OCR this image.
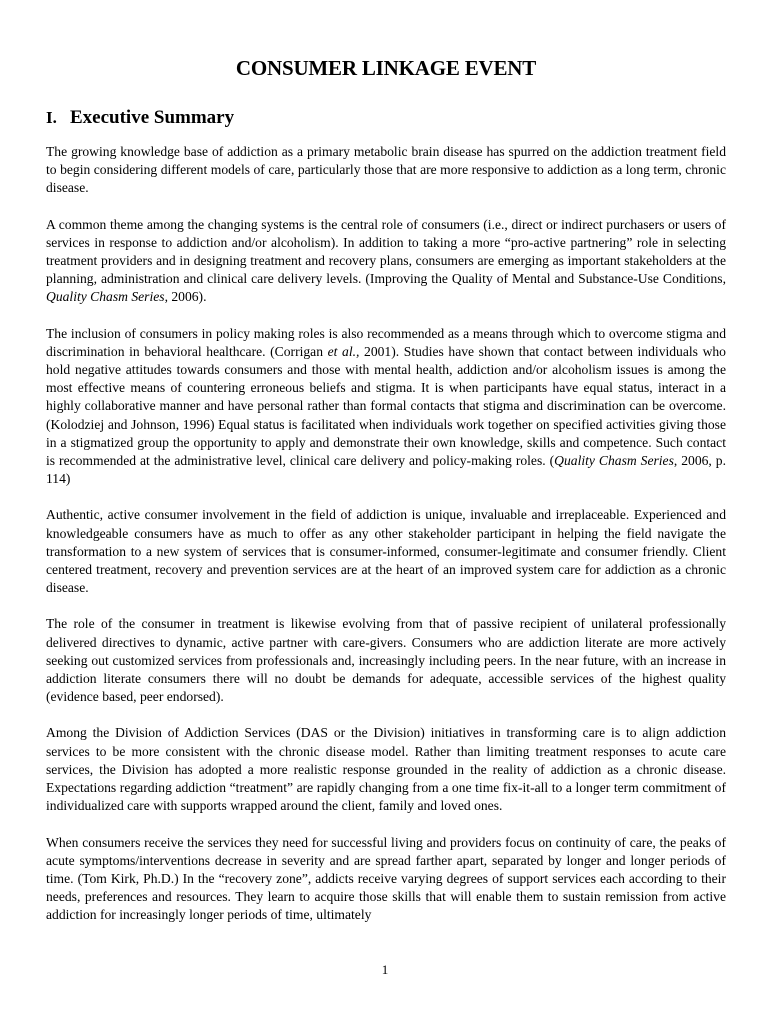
CONSUMER LINKAGE EVENT
I. Executive Summary

The growing knowledge base of addiction as a primary metabolic brain disease has spurred on the addiction treatment field to begin considering different models of care, particularly those that are more responsive to addiction as a long term, chronic disease.

A common theme among the changing systems is the central role of consumers (i.e., direct or indirect purchasers or users of services in response to addiction and/or alcoholism). In addition to taking a more “pro-active partnering” role in selecting treatment providers and in designing treatment and recovery plans, consumers are emerging as important stakeholders at the planning, administration and clinical care delivery levels. (Improving the Quality of Mental and Substance-Use Conditions, Quality Chasm Series, 2006).

The inclusion of consumers in policy making roles is also recommended as a means through which to overcome stigma and discrimination in behavioral healthcare. (Corrigan et al., 2001). Studies have shown that contact between individuals who hold negative attitudes towards consumers and those with mental health, addiction and/or alcoholism issues is among the most effective means of countering erroneous beliefs and stigma. It is when participants have equal status, interact in a highly collaborative manner and have personal rather than formal contacts that stigma and discrimination can be overcome. (Kolodziej and Johnson, 1996) Equal status is facilitated when individuals work together on specified activities giving those in a stigmatized group the opportunity to apply and demonstrate their own knowledge, skills and competence. Such contact is recommended at the administrative level, clinical care delivery and policy-making roles. (Quality Chasm Series, 2006, p. 114)

Authentic, active consumer involvement in the field of addiction is unique, invaluable and irreplaceable. Experienced and knowledgeable consumers have as much to offer as any other stakeholder participant in helping the field navigate the transformation to a new system of services that is consumer-informed, consumer-legitimate and consumer friendly. Client centered treatment, recovery and prevention services are at the heart of an improved system care for addiction as a chronic disease.

The role of the consumer in treatment is likewise evolving from that of passive recipient of unilateral professionally delivered directives to dynamic, active partner with care-givers. Consumers who are addiction literate are more actively seeking out customized services from professionals and, increasingly including peers. In the near future, with an increase in addiction literate consumers there will no doubt be demands for adequate, accessible services of the highest quality (evidence based, peer endorsed).

Among the Division of Addiction Services (DAS or the Division) initiatives in transforming care is to align addiction services to be more consistent with the chronic disease model. Rather than limiting treatment responses to acute care services, the Division has adopted a more realistic response grounded in the reality of addiction as a chronic disease. Expectations regarding addiction “treatment” are rapidly changing from a one time fix-it-all to a longer term commitment of individualized care with supports wrapped around the client, family and loved ones.

When consumers receive the services they need for successful living and providers focus on continuity of care, the peaks of acute symptoms/interventions decrease in severity and are spread farther apart, separated by longer and longer periods of time. (Tom Kirk, Ph.D.) In the “recovery zone”, addicts receive varying degrees of support services each according to their needs, preferences and resources. They learn to acquire those skills that will enable them to sustain remission from active addiction for increasingly longer periods of time, ultimately

1
